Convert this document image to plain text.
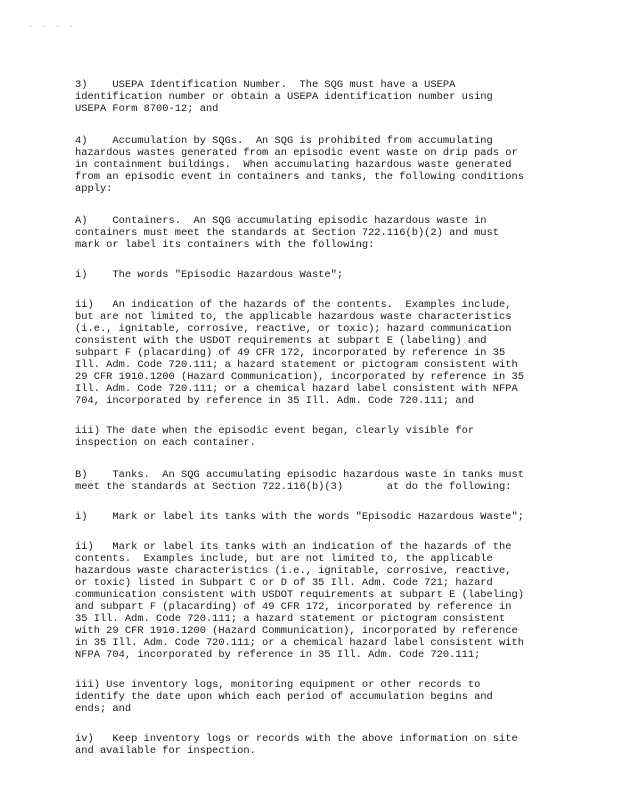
. . . .

3)    USEPA Identification Number.  The SQG must have a USEPA
identification number or obtain a USEPA identification number using
USEPA Form 8700-12; and

4)    Accumulation by SQGs.  An SQG is prohibited from accumulating
hazardous wastes generated from an episodic event waste on drip pads or
in containment buildings.  When accumulating hazardous waste generated
from an episodic event in containers and tanks, the following conditions
apply:

A)    Containers.  An SQG accumulating episodic hazardous waste in
containers must meet the standards at Section 722.116(b)(2) and must
mark or label its containers with the following:

i)    The words "Episodic Hazardous Waste";

ii)   An indication of the hazards of the contents.  Examples include,
but are not limited to, the applicable hazardous waste characteristics
(i.e., ignitable, corrosive, reactive, or toxic); hazard communication
consistent with the USDOT requirements at subpart E (labeling) and
subpart F (placarding) of 49 CFR 172, incorporated by reference in 35
Ill. Adm. Code 720.111; a hazard statement or pictogram consistent with
29 CFR 1910.1200 (Hazard Communication), incorporated by reference in 35
Ill. Adm. Code 720.111; or a chemical hazard label consistent with NFPA
704, incorporated by reference in 35 Ill. Adm. Code 720.111; and

iii) The date when the episodic event began, clearly visible for
inspection on each container.

B)    Tanks.  An SQG accumulating episodic hazardous waste in tanks must
meet the standards at Section 722.116(b)(3)       at do the following:

i)    Mark or label its tanks with the words "Episodic Hazardous Waste";

ii)   Mark or label its tanks with an indication of the hazards of the
contents.  Examples include, but are not limited to, the applicable
hazardous waste characteristics (i.e., ignitable, corrosive, reactive,
or toxic) listed in Subpart C or D of 35 Ill. Adm. Code 721; hazard
communication consistent with USDOT requirements at subpart E (labeling)
and subpart F (placarding) of 49 CFR 172, incorporated by reference in
35 Ill. Adm. Code 720.111; a hazard statement or pictogram consistent
with 29 CFR 1910.1200 (Hazard Communication), incorporated by reference
in 35 Ill. Adm. Code 720.111; or a chemical hazard label consistent with
NFPA 704, incorporated by reference in 35 Ill. Adm. Code 720.111;

iii) Use inventory logs, monitoring equipment or other records to
identify the date upon which each period of accumulation begins and
ends; and

iv)   Keep inventory logs or records with the above information on site
and available for inspection.
